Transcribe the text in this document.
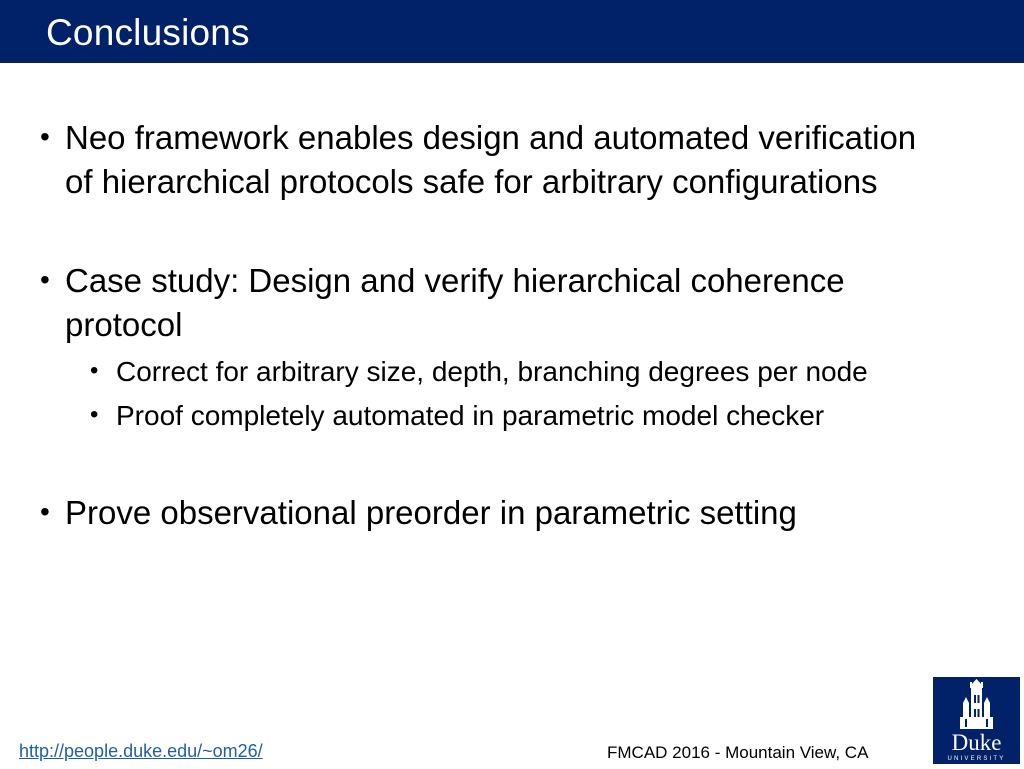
Conclusions
• Neo framework enables design and automated verification
of hierarchical protocols safe for arbitrary configurations
• Case study: Design and verify hierarchical coherence
protocol
• Correct for arbitrary size, depth, branching degrees per node
• Proof completely automated in parametric model checker
• Prove observational preorder in parametric setting
http://people.duke.edu/~om26/	FMCAD 2016 - Mountain View, CA	Duke
UNIVERSITY
